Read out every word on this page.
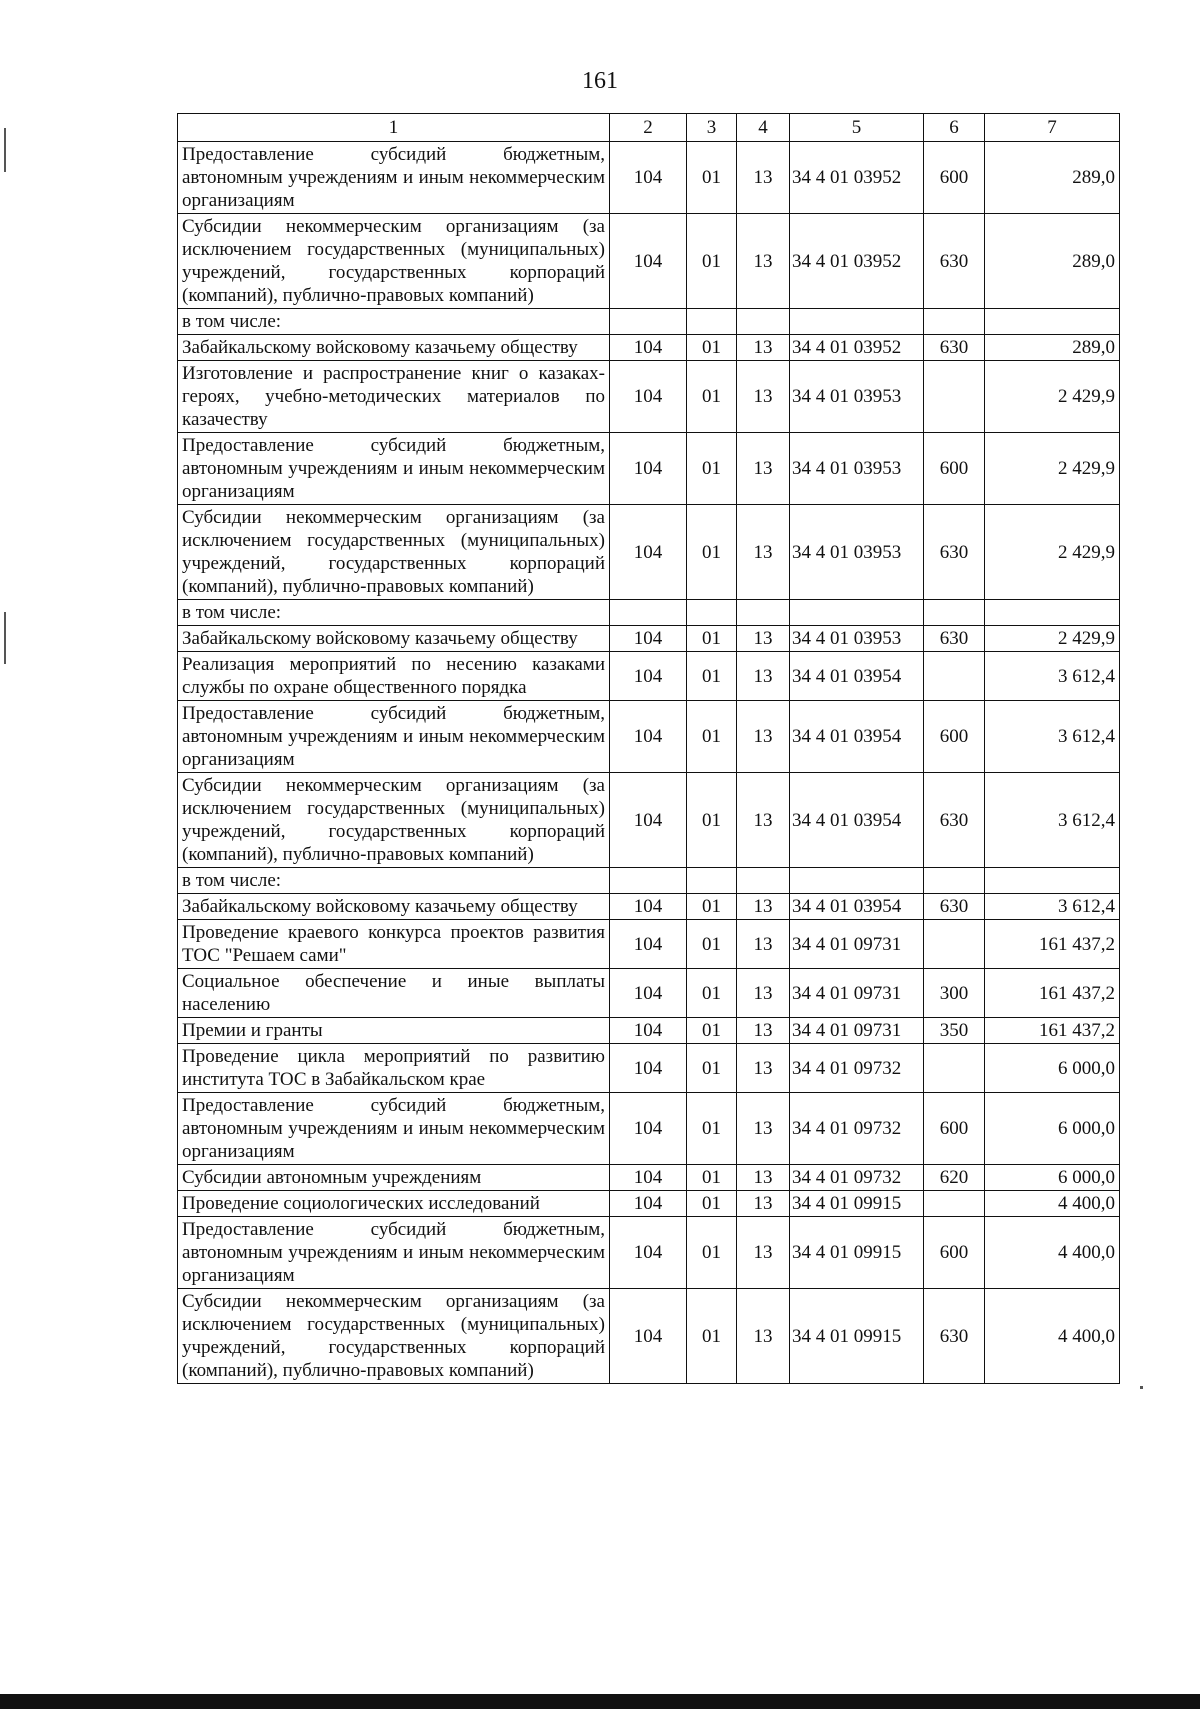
161
1	2	3	4	5	6	7
Предоставление субсидий бюджетным, автономным учреждениям и иным некоммерческим организациям	104	01	13	34 4 01 03952	600	289,0
Субсидии некоммерческим организациям (за исключением государственных (муниципальных) учреждений, государственных корпораций (компаний), публично-правовых компаний)	104	01	13	34 4 01 03952	630	289,0
в том числе:						
Забайкальскому войсковому казачьему обществу	104	01	13	34 4 01 03952	630	289,0
Изготовление и распространение книг о казаках-героях, учебно-методических материалов по казачеству	104	01	13	34 4 01 03953		2 429,9
Предоставление субсидий бюджетным, автономным учреждениям и иным некоммерческим организациям	104	01	13	34 4 01 03953	600	2 429,9
Субсидии некоммерческим организациям (за исключением государственных (муниципальных) учреждений, государственных корпораций (компаний), публично-правовых компаний)	104	01	13	34 4 01 03953	630	2 429,9
в том числе:						
Забайкальскому войсковому казачьему обществу	104	01	13	34 4 01 03953	630	2 429,9
Реализация мероприятий по несению казаками службы по охране общественного порядка	104	01	13	34 4 01 03954		3 612,4
Предоставление субсидий бюджетным, автономным учреждениям и иным некоммерческим организациям	104	01	13	34 4 01 03954	600	3 612,4
Субсидии некоммерческим организациям (за исключением государственных (муниципальных) учреждений, государственных корпораций (компаний), публично-правовых компаний)	104	01	13	34 4 01 03954	630	3 612,4
в том числе:						
Забайкальскому войсковому казачьему обществу	104	01	13	34 4 01 03954	630	3 612,4
Проведение краевого конкурса проектов развития ТОС "Решаем сами"	104	01	13	34 4 01 09731		161 437,2
Социальное обеспечение и иные выплаты населению	104	01	13	34 4 01 09731	300	161 437,2
Премии и гранты	104	01	13	34 4 01 09731	350	161 437,2
Проведение цикла мероприятий по развитию института ТОС в Забайкальском крае	104	01	13	34 4 01 09732		6 000,0
Предоставление субсидий бюджетным, автономным учреждениям и иным некоммерческим организациям	104	01	13	34 4 01 09732	600	6 000,0
Субсидии автономным учреждениям	104	01	13	34 4 01 09732	620	6 000,0
Проведение социологических исследований	104	01	13	34 4 01 09915		4 400,0
Предоставление субсидий бюджетным, автономным учреждениям и иным некоммерческим организациям	104	01	13	34 4 01 09915	600	4 400,0
Субсидии некоммерческим организациям (за исключением государственных (муниципальных) учреждений, государственных корпораций (компаний), публично-правовых компаний)	104	01	13	34 4 01 09915	630	4 400,0
